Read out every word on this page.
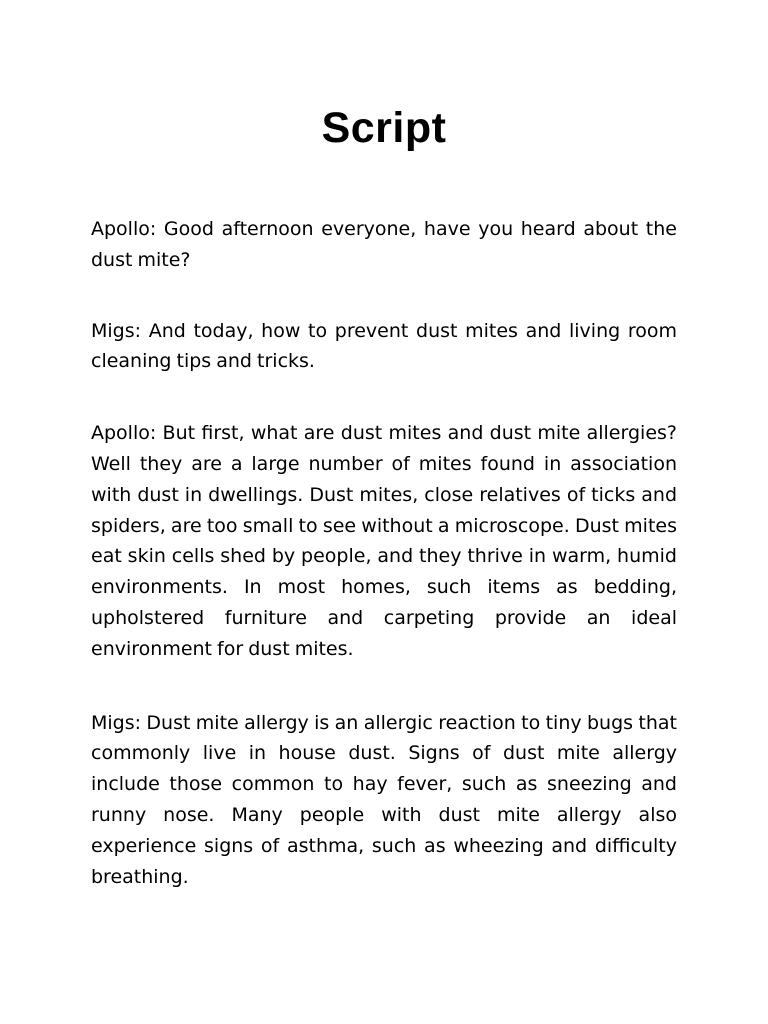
Script

Apollo: Good afternoon everyone, have you heard about the dust mite?

Migs: And today, how to prevent dust mites and living room cleaning tips and tricks.

Apollo: But first, what are dust mites and dust mite allergies? Well they are a large number of mites found in association with dust in dwellings. Dust mites, close relatives of ticks and spiders, are too small to see without a microscope. Dust mites eat skin cells shed by people, and they thrive in warm, humid environments. In most homes, such items as bedding, upholstered furniture and carpeting provide an ideal environment for dust mites.

Migs: Dust mite allergy is an allergic reaction to tiny bugs that commonly live in house dust. Signs of dust mite allergy include those common to hay fever, such as sneezing and runny nose. Many people with dust mite allergy also experience signs of asthma, such as wheezing and difficulty breathing.
